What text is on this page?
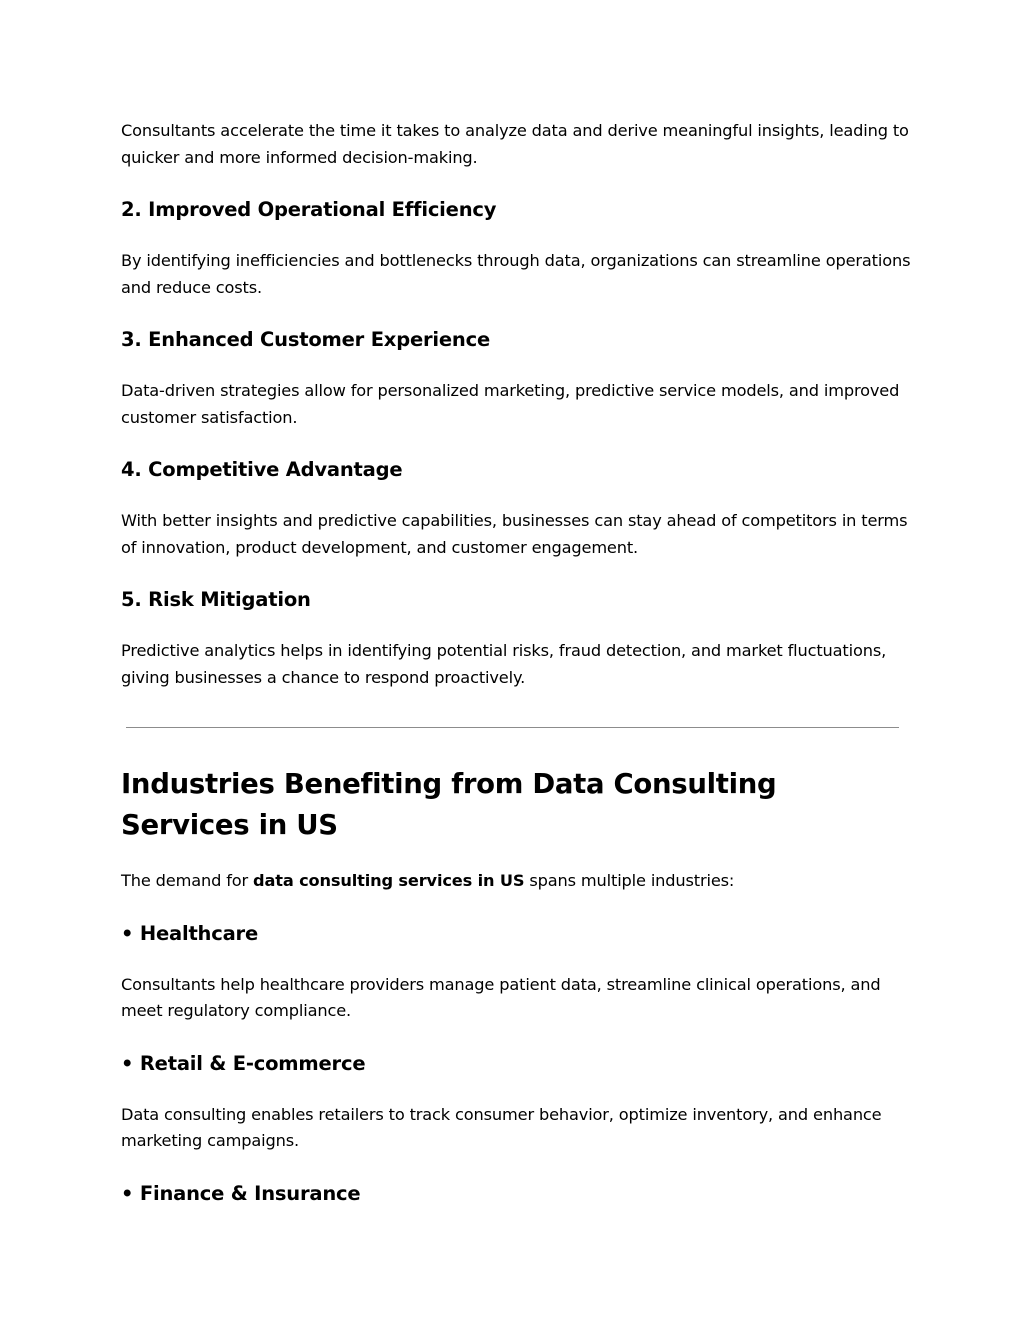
Consultants accelerate the time it takes to analyze data and derive meaningful insights, leading to quicker and more informed decision-making.

2. Improved Operational Efficiency

By identifying inefficiencies and bottlenecks through data, organizations can streamline operations and reduce costs.

3. Enhanced Customer Experience

Data-driven strategies allow for personalized marketing, predictive service models, and improved customer satisfaction.

4. Competitive Advantage

With better insights and predictive capabilities, businesses can stay ahead of competitors in terms of innovation, product development, and customer engagement.

5. Risk Mitigation

Predictive analytics helps in identifying potential risks, fraud detection, and market fluctuations, giving businesses a chance to respond proactively.

Industries Benefiting from Data Consulting Services in US

The demand for data consulting services in US spans multiple industries:

• Healthcare

Consultants help healthcare providers manage patient data, streamline clinical operations, and meet regulatory compliance.

• Retail & E-commerce

Data consulting enables retailers to track consumer behavior, optimize inventory, and enhance marketing campaigns.

• Finance & Insurance
